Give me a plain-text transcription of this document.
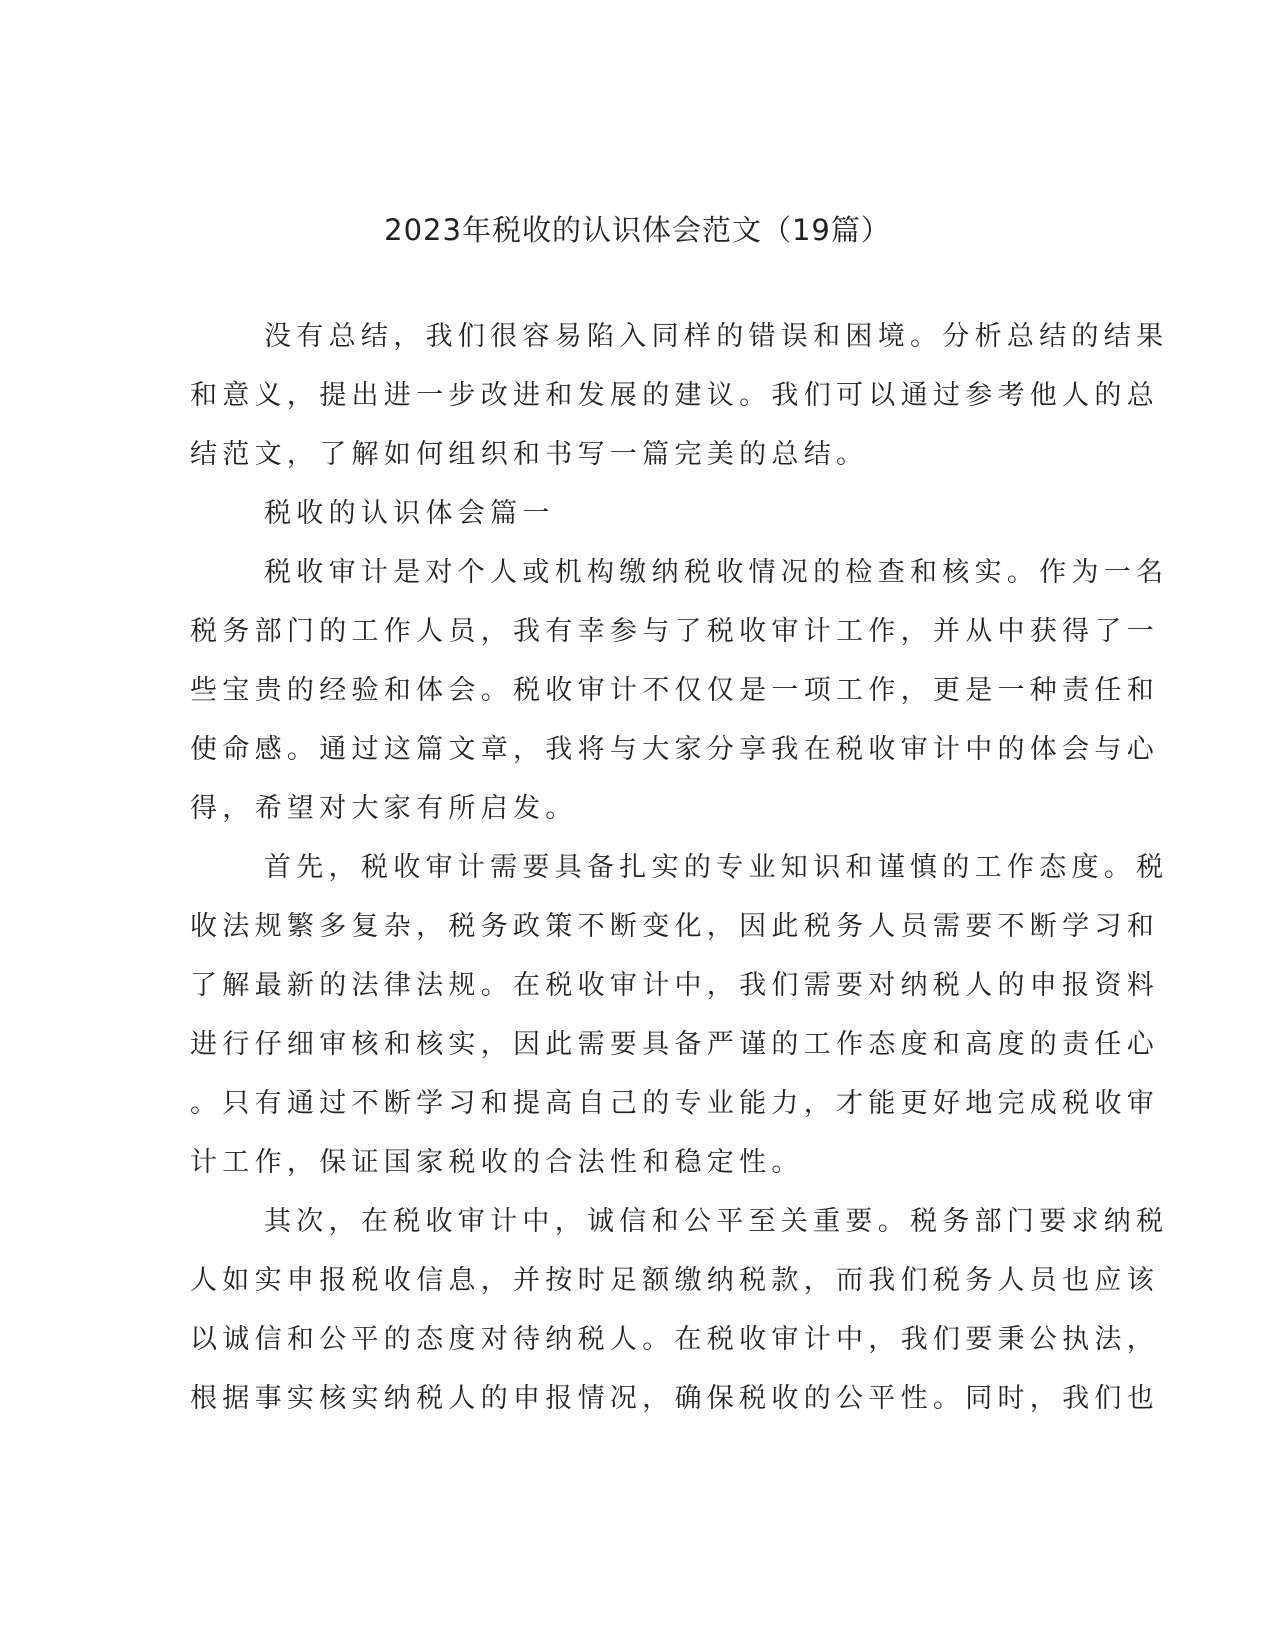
2023年税收的认识体会范文（19篇）
没有总结，我们很容易陷入同样的错误和困境。分析总结的结果
和意义，提出进一步改进和发展的建议。我们可以通过参考他人的总
结范文，了解如何组织和书写一篇完美的总结。
税收的认识体会篇一
税收审计是对个人或机构缴纳税收情况的检查和核实。作为一名
税务部门的工作人员，我有幸参与了税收审计工作，并从中获得了一
些宝贵的经验和体会。税收审计不仅仅是一项工作，更是一种责任和
使命感。通过这篇文章，我将与大家分享我在税收审计中的体会与心
得，希望对大家有所启发。
首先，税收审计需要具备扎实的专业知识和谨慎的工作态度。税
收法规繁多复杂，税务政策不断变化，因此税务人员需要不断学习和
了解最新的法律法规。在税收审计中，我们需要对纳税人的申报资料
进行仔细审核和核实，因此需要具备严谨的工作态度和高度的责任心
。只有通过不断学习和提高自己的专业能力，才能更好地完成税收审
计工作，保证国家税收的合法性和稳定性。
其次，在税收审计中，诚信和公平至关重要。税务部门要求纳税
人如实申报税收信息，并按时足额缴纳税款，而我们税务人员也应该
以诚信和公平的态度对待纳税人。在税收审计中，我们要秉公执法，
根据事实核实纳税人的申报情况，确保税收的公平性。同时，我们也
